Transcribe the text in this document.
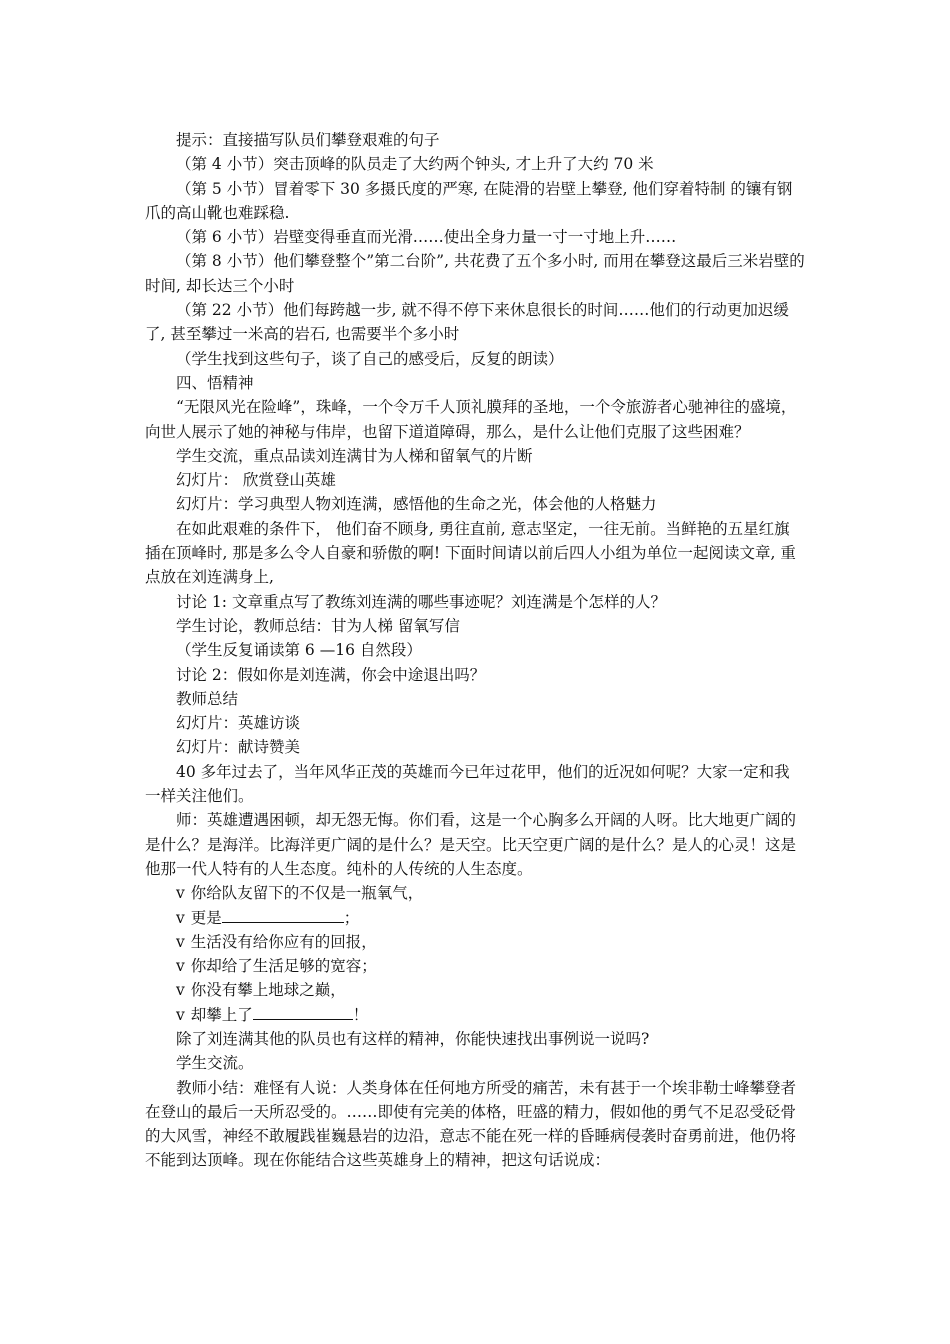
提示：直接描写队员们攀登艰难的句子

（第 4 小节）突击顶峰的队员走了大约两个钟头, 才上升了大约 70 米

（第 5 小节）冒着零下 30 多摄氏度的严寒, 在陡滑的岩壁上攀登, 他们穿着特制 的镶有钢爪的高山靴也难踩稳.

（第 6 小节）岩壁变得垂直而光滑……使出全身力量一寸一寸地上升……

（第 8 小节）他们攀登整个”第二台阶”, 共花费了五个多小时, 而用在攀登这最后三米岩壁的时间, 却长达三个小时

（第 22 小节）他们每跨越一步, 就不得不停下来休息很长的时间……他们的行动更加迟缓了, 甚至攀过一米高的岩石, 也需要半个多小时

（学生找到这些句子，谈了自己的感受后，反复的朗读）

四、悟精神

“无限风光在险峰”，珠峰，一个令万千人顶礼膜拜的圣地，一个令旅游者心驰神往的盛境，向世人展示了她的神秘与伟岸，也留下道道障碍，那么，是什么让他们克服了这些困难？

学生交流，重点品读刘连满甘为人梯和留氧气的片断

幻灯片： 欣赏登山英雄

幻灯片：学习典型人物刘连满，感悟他的生命之光，体会他的人格魅力

在如此艰难的条件下， 他们奋不顾身, 勇往直前, 意志坚定，一往无前。当鲜艳的五星红旗插在顶峰时, 那是多么令人自豪和骄傲的啊! 下面时间请以前后四人小组为单位一起阅读文章, 重点放在刘连满身上,

讨论 1: 文章重点写了教练刘连满的哪些事迹呢？刘连满是个怎样的人？

学生讨论，教师总结：甘为人梯 留氧写信

（学生反复诵读第 6 —16 自然段）

讨论 2：假如你是刘连满，你会中途退出吗？

教师总结

幻灯片：英雄访谈

幻灯片：献诗赞美

40 多年过去了，当年风华正茂的英雄而今已年过花甲，他们的近况如何呢？大家一定和我一样关注他们。

师：英雄遭遇困顿，却无怨无悔。你们看，这是一个心胸多么开阔的人呀。比大地更广阔的是什么？是海洋。比海洋更广阔的是什么？是天空。比天空更广阔的是什么？是人的心灵！这是他那一代人特有的人生态度。纯朴的人传统的人生态度。

v 你给队友留下的不仅是一瓶氧气，

v 更是	；

v 生活没有给你应有的回报，

v 你却给了生活足够的宽容；

v 你没有攀上地球之巅，

v 却攀上了	！

除了刘连满其他的队员也有这样的精神，你能快速找出事例说一说吗?

学生交流。

教师小结：难怪有人说：人类身体在任何地方所受的痛苦，未有甚于一个埃非勒士峰攀登者在登山的最后一天所忍受的。……即使有完美的体格，旺盛的精力，假如他的勇气不足忍受砭骨的大风雪，神经不敢履践崔巍悬岩的边沿，意志不能在死一样的昏睡病侵袭时奋勇前进，他仍将不能到达顶峰。现在你能结合这些英雄身上的精神，把这句话说成：
